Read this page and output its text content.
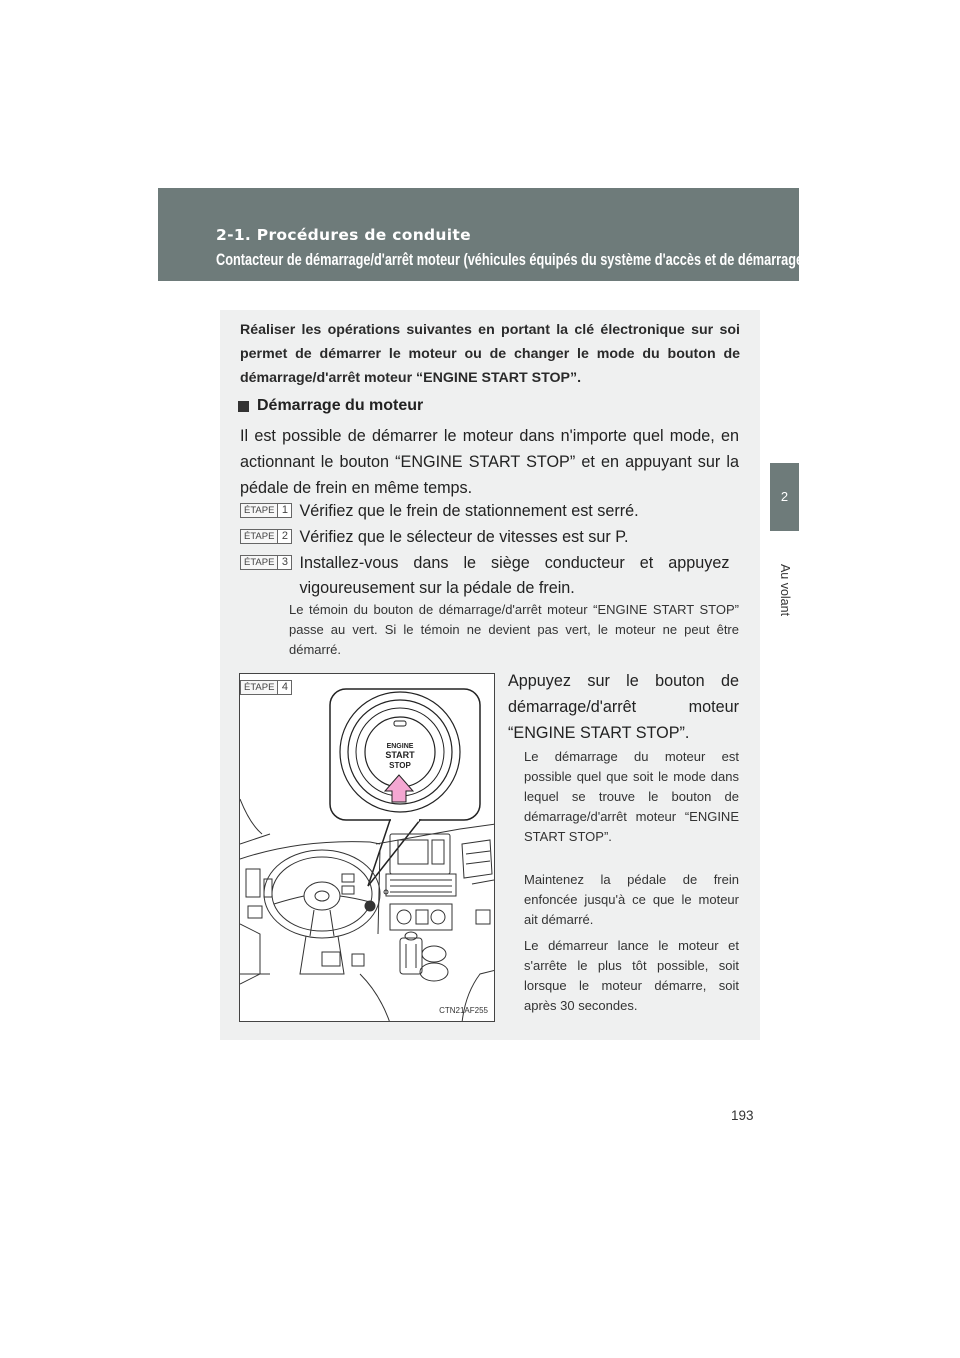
2-1. Procédures de conduite
Contacteur de démarrage/d'arrêt moteur (véhicules équipés du système d'accès et de démarrage “mains libres”)
2
Au volant
Réaliser les opérations suivantes en portant la clé électronique sur soi permet de démarrer le moteur ou de changer le mode du bouton de démarrage/d'arrêt moteur “ENGINE START STOP”.
Démarrage du moteur
Il est possible de démarrer le moteur dans n'importe quel mode, en actionnant le bouton “ENGINE START STOP” et en appuyant sur la pédale de frein en même temps.
ÉTAPE 1 Vérifiez que le frein de stationnement est serré.
ÉTAPE 2 Vérifiez que le sélecteur de vitesses est sur P.
ÉTAPE 3 Installez-vous dans le siège conducteur et appuyez vigoureusement sur la pédale de frein.
Le témoin du bouton de démarrage/d'arrêt moteur “ENGINE START STOP” passe au vert. Si le témoin ne devient pas vert, le moteur ne peut être démarré.
ÉTAPE 4
ENGINE
START
STOP
CTN21AF255
Appuyez sur le bouton de démarrage/d'arrêt moteur “ENGINE START STOP”.
Le démarrage du moteur est possible quel que soit le mode dans lequel se trouve le bouton de démarrage/d'arrêt moteur “ENGINE START STOP”.
Maintenez la pédale de frein enfoncée jusqu'à ce que le moteur ait démarré.
Le démarreur lance le moteur et s'arrête le plus tôt possible, soit lorsque le moteur démarre, soit après 30 secondes.
193
